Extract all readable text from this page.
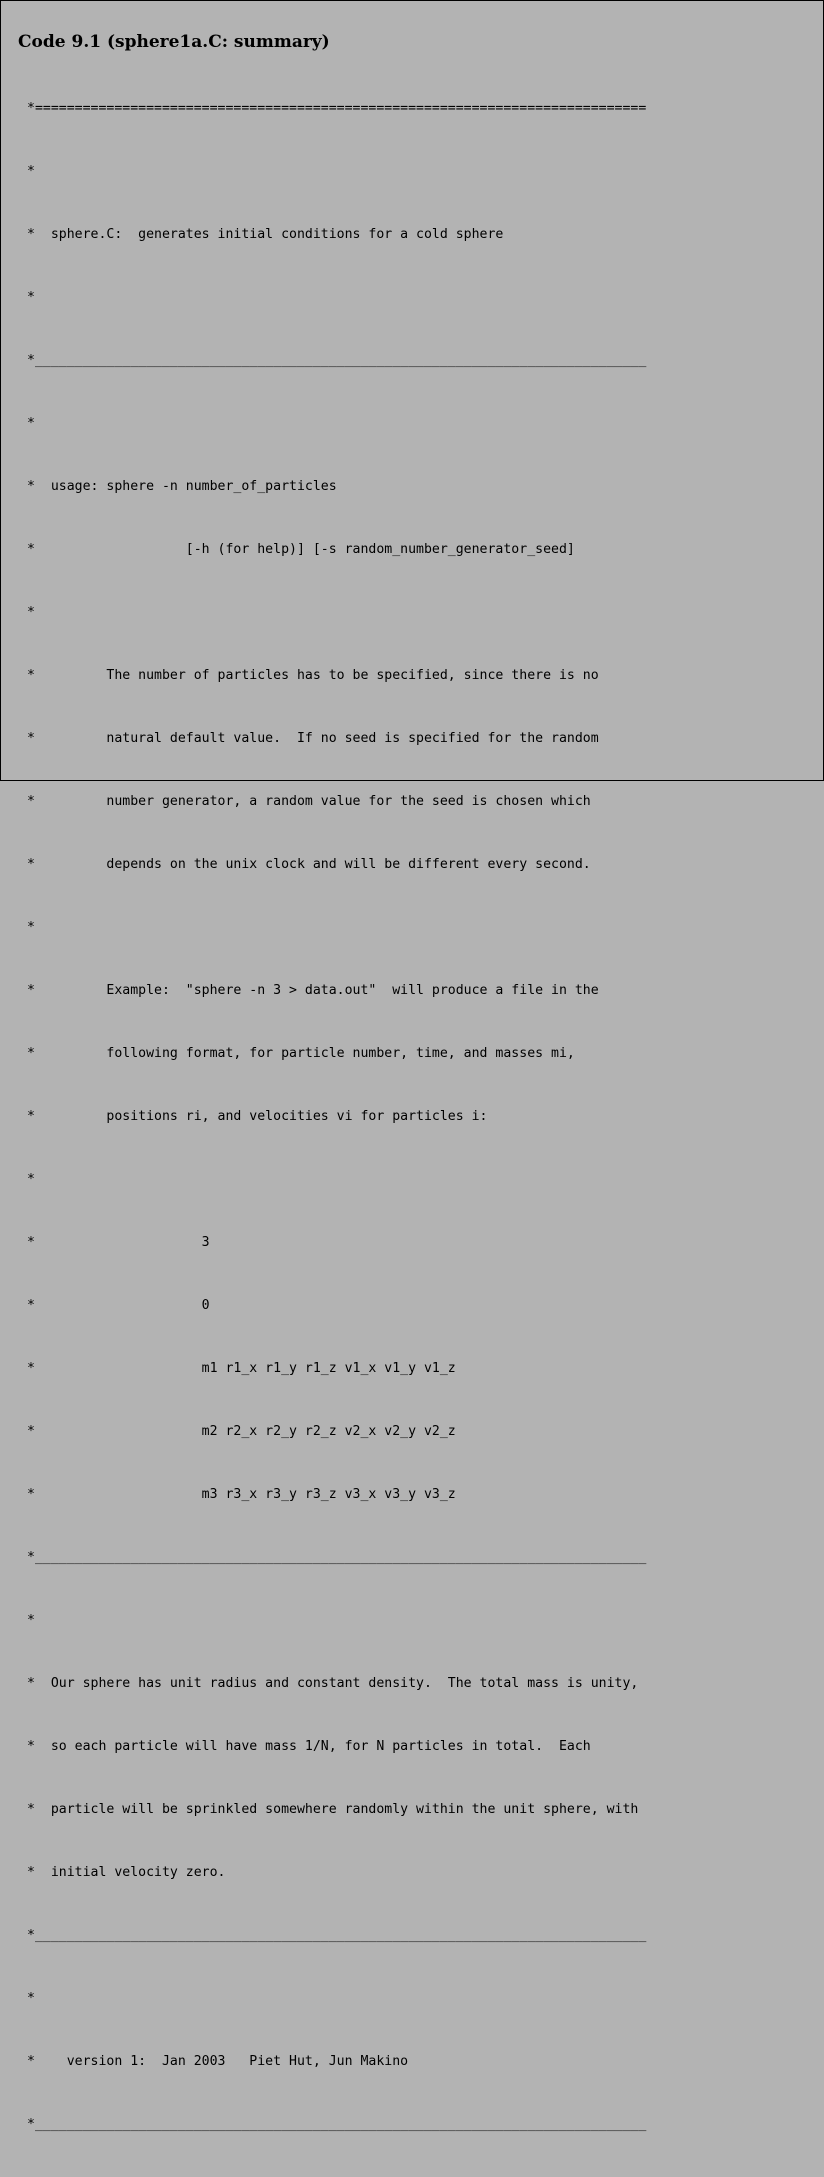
Code 9.1 (sphere1a.C: summary)

*=============================================================================

*

*  sphere.C:  generates initial conditions for a cold sphere

*

*_____________________________________________________________________________

*

*  usage: sphere -n number_of_particles

*                   [-h (for help)] [-s random_number_generator_seed]

*

*         The number of particles has to be specified, since there is no

*         natural default value.  If no seed is specified for the random

*         number generator, a random value for the seed is chosen which

*         depends on the unix clock and will be different every second.

*

*         Example:  "sphere -n 3 > data.out"  will produce a file in the

*         following format, for particle number, time, and masses mi,

*         positions ri, and velocities vi for particles i:

*

*                     3

*                     0

*                     m1 r1_x r1_y r1_z v1_x v1_y v1_z

*                     m2 r2_x r2_y r2_z v2_x v2_y v2_z

*                     m3 r3_x r3_y r3_z v3_x v3_y v3_z

*_____________________________________________________________________________

*

*  Our sphere has unit radius and constant density.  The total mass is unity,

*  so each particle will have mass 1/N, for N particles in total.  Each

*  particle will be sprinkled somewhere randomly within the unit sphere, with

*  initial velocity zero.

*_____________________________________________________________________________

*

*    version 1:  Jan 2003   Piet Hut, Jun Makino

*_____________________________________________________________________________
